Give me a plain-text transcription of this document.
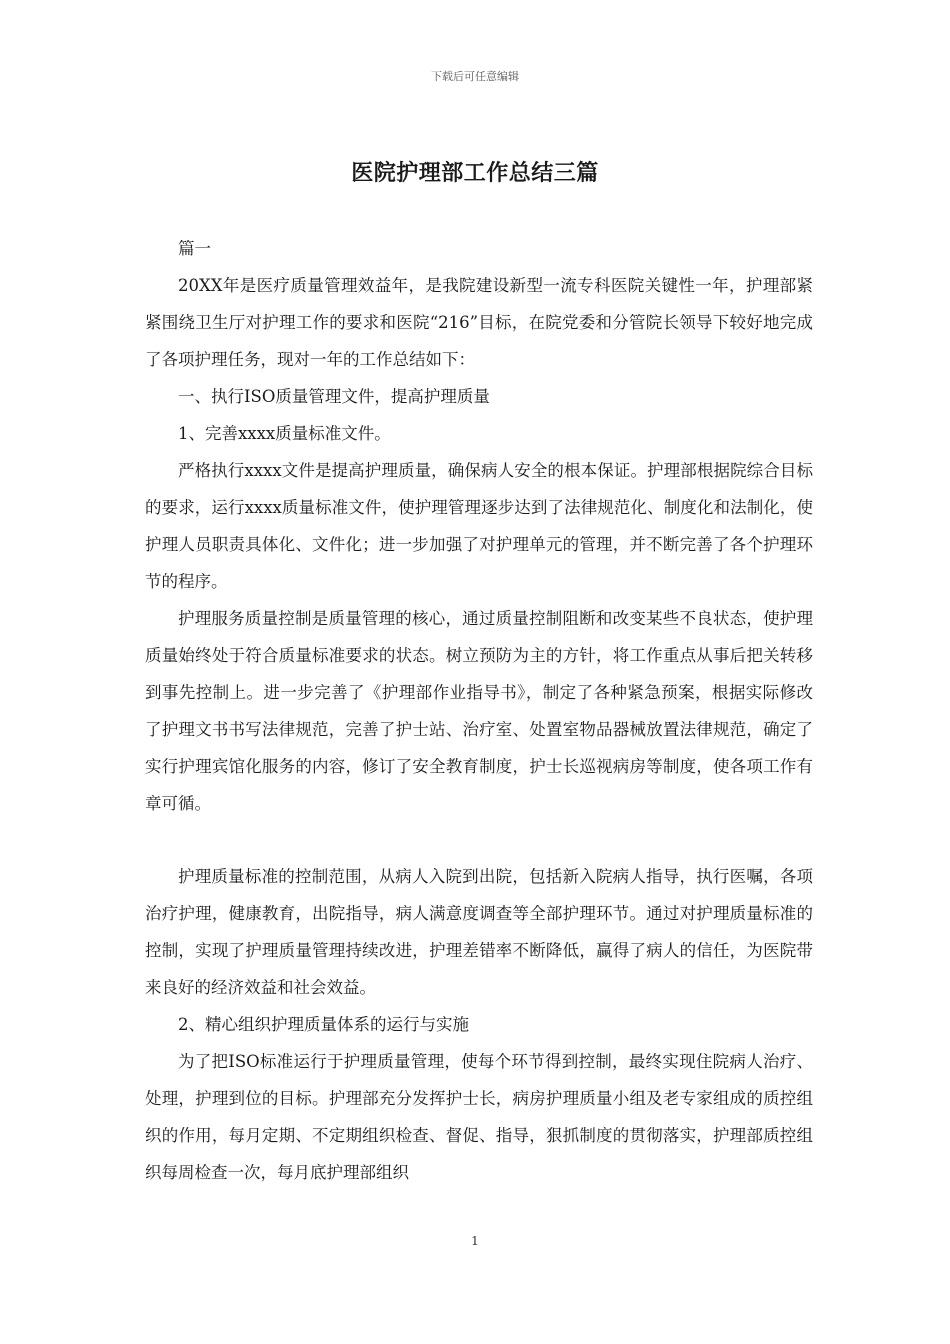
下载后可任意编辑
医院护理部工作总结三篇

篇一

20XX年是医疗质量管理效益年，是我院建设新型一流专科医院关键性一年，护理部紧紧围绕卫生厅对护理工作的要求和医院“216”目标，在院党委和分管院长领导下较好地完成了各项护理任务，现对一年的工作总结如下：

一、执行ISO质量管理文件，提高护理质量

1、完善xxxx质量标准文件。

严格执行xxxx文件是提高护理质量，确保病人安全的根本保证。护理部根据院综合目标的要求，运行xxxx质量标准文件，使护理管理逐步达到了法律规范化、制度化和法制化，使护理人员职责具体化、文件化；进一步加强了对护理单元的管理，并不断完善了各个护理环节的程序。

护理服务质量控制是质量管理的核心，通过质量控制阻断和改变某些不良状态，使护理质量始终处于符合质量标准要求的状态。树立预防为主的方针，将工作重点从事后把关转移到事先控制上。进一步完善了《护理部作业指导书》，制定了各种紧急预案，根据实际修改了护理文书书写法律规范，完善了护士站、治疗室、处置室物品器械放置法律规范，确定了实行护理宾馆化服务的内容，修订了安全教育制度，护士长巡视病房等制度，使各项工作有章可循。

护理质量标准的控制范围，从病人入院到出院，包括新入院病人指导，执行医嘱，各项治疗护理，健康教育，出院指导，病人满意度调查等全部护理环节。通过对护理质量标准的控制，实现了护理质量管理持续改进，护理差错率不断降低，赢得了病人的信任，为医院带来良好的经济效益和社会效益。

2、精心组织护理质量体系的运行与实施

为了把ISO标准运行于护理质量管理，使每个环节得到控制，最终实现住院病人治疗、处理，护理到位的目标。护理部充分发挥护士长，病房护理质量小组及老专家组成的质控组织的作用，每月定期、不定期组织检查、督促、指导，狠抓制度的贯彻落实，护理部质控组织每周检查一次，每月底护理部组织

1
